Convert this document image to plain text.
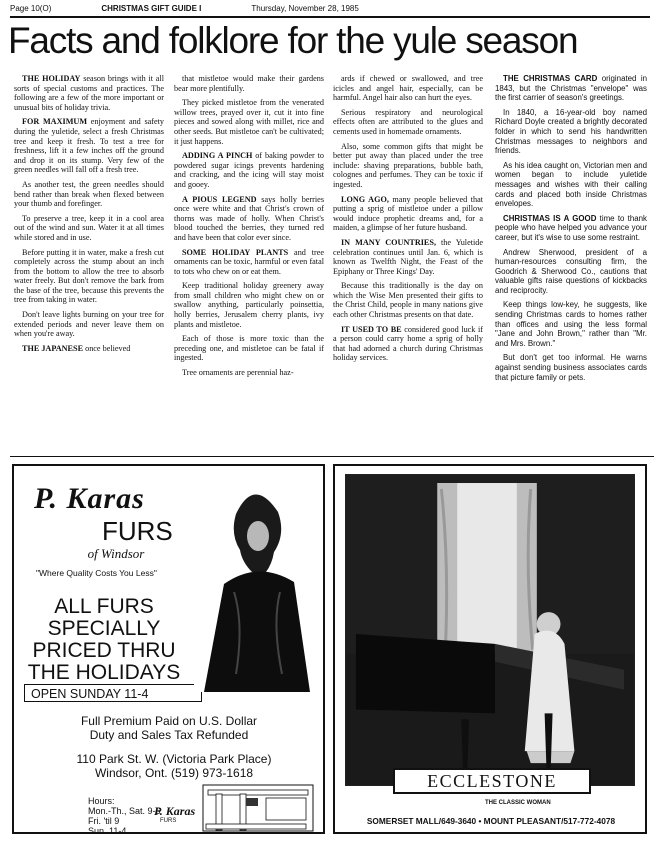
Page 10(O)	CHRISTMAS GIFT GUIDE I	Thursday, November 28, 1985
Facts and folklore for the yule season

THE HOLIDAY season brings with it all sorts of special customs and practices. The following are a few of the more important or unusual bits of holiday trivia.

FOR MAXIMUM enjoyment and safety during the yuletide, select a fresh Christmas tree and keep it fresh. To test a tree for freshness, lift it a few inches off the ground and drop it on its stump. Very few of the green needles will fall off a fresh tree.

As another test, the green needles should bend rather than break when flexed between your thumb and forefinger.

To preserve a tree, keep it in a cool area out of the wind and sun. Water it at all times while stored and in use.

Before putting it in water, make a fresh cut completely across the stump about an inch from the bottom to allow the tree to absorb water freely. But don't remove the bark from the base of the tree, because this prevents the tree from taking in water.

Don't leave lights burning on your tree for extended periods and never leave them on when you're away.

THE JAPANESE once believed

that mistletoe would make their gardens bear more plentifully.

They picked mistletoe from the venerated willow trees, prayed over it, cut it into fine pieces and sowed along with millet, rice and other seeds. But mistletoe can't be cultivated; it just happens.

ADDING A PINCH of baking powder to powdered sugar icings prevents hardening and cracking, and the icing will stay moist and gooey.

A PIOUS LEGEND says holly berries once were white and that Christ's crown of thorns was made of holly. When Christ's blood touched the berries, they turned red and have been that color ever since.

SOME HOLIDAY PLANTS and tree ornaments can be toxic, harmful or even fatal to tots who chew on or eat them.

Keep traditional holiday greenery away from small children who might chew on or swallow anything, particularly poinsettia, holly berries, Jerusalem cherry plants, ivy plants and mistletoe.

Each of those is more toxic than the preceding one, and mistletoe can be fatal if ingested.

Tree ornaments are perennial haz-

ards if chewed or swallowed, and tree icicles and angel hair, especially, can be harmful. Angel hair also can hurt the eyes.

Serious respiratory and neurological effects often are attributed to the glues and cements used in homemade ornaments.

Also, some common gifts that might be better put away than placed under the tree include: shaving preparations, bubble bath, colognes and perfumes. They can be toxic if ingested.

LONG AGO, many people believed that putting a sprig of mistletoe under a pillow would induce prophetic dreams and, for a maiden, a glimpse of her future husband.

IN MANY COUNTRIES, the Yuletide celebration continues until Jan. 6, which is known as Twelfth Night, the Feast of the Epiphany or Three Kings' Day.

Because this traditionally is the day on which the Wise Men presented their gifts to the Christ Child, people in many nations give each other Christmas presents on that date.

IT USED TO BE considered good luck if a person could carry home a sprig of holly that had adorned a church during Christmas holiday services.

THE CHRISTMAS CARD originated in 1843, but the Christmas "envelope" was the first carrier of season's greetings.

In 1840, a 16-year-old boy named Richard Doyle created a brightly decorated folder in which to send his handwritten Christmas messages to neighbors and friends.

As his idea caught on, Victorian men and women began to include yuletide messages and wishes with their calling cards and placed both inside Christmas envelopes.

CHRISTMAS IS A GOOD time to thank people who have helped you advance your career, but it's wise to use some restraint.

Andrew Sherwood, president of a human-resources consulting firm, the Goodrich & Sherwood Co., cautions that valuable gifts raise questions of kickbacks and reciprocity.

Keep things low-key, he suggests, like sending Christmas cards to homes rather than offices and using the less formal "Jane and John Brown," rather than "Mr. and Mrs. Brown."

But don't get too informal. He warns against sending business associates cards that picture family or pets.

P. Karas
FURS
of Windsor
"Where Quality Costs You Less"
ALL FURS
SPECIALLY
PRICED THRU
THE HOLIDAYS
OPEN SUNDAY 11-4
Full Premium Paid on U.S. Dollar
Duty and Sales Tax Refunded
110 Park St. W. (Victoria Park Place)
Windsor, Ont. (519) 973-1618
Hours:
Mon.-Th., Sat. 9-6
Fri. 'til 9
Sun. 11-4
P. Karas
FURS
ECCLESTONE
THE CLASSIC WOMAN
SOMERSET MALL/649-3640 • MOUNT PLEASANT/517-772-4078
